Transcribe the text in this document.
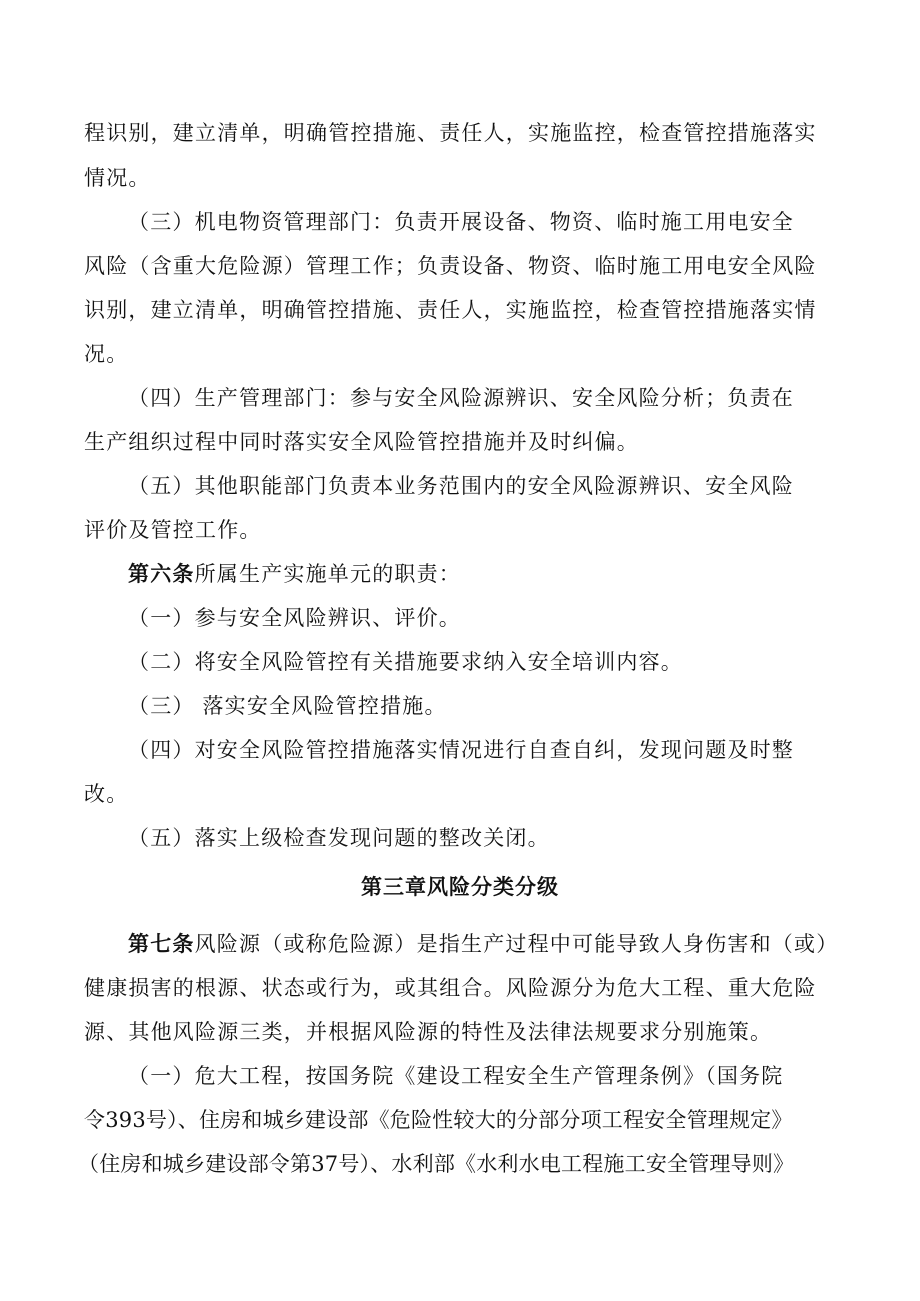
程识别，建立清单，明确管控措施、责任人，实施监控，检查管控措施落实
情况。
（三）机电物资管理部门：负责开展设备、物资、临时施工用电安全
风险（含重大危险源）管理工作；负责设备、物资、临时施工用电安全风险
识别，建立清单，明确管控措施、责任人，实施监控，检查管控措施落实情
况。
（四）生产管理部门：参与安全风险源辨识、安全风险分析；负责在
生产组织过程中同时落实安全风险管控措施并及时纠偏。
（五）其他职能部门负责本业务范围内的安全风险源辨识、安全风险
评价及管控工作。
第六条所属生产实施单元的职责：
（一）参与安全风险辨识、评价。
（二）将安全风险管控有关措施要求纳入安全培训内容。
（三） 落实安全风险管控措施。
（四）对安全风险管控措施落实情况进行自查自纠，发现问题及时整
改。
（五）落实上级检查发现问题的整改关闭。
第三章风险分类分级
第七条风险源（或称危险源）是指生产过程中可能导致人身伤害和（或）
健康损害的根源、状态或行为，或其组合。风险源分为危大工程、重大危险
源、其他风险源三类，并根据风险源的特性及法律法规要求分别施策。
（一）危大工程，按国务院《建设工程安全生产管理条例》（国务院
令393号）、住房和城乡建设部《危险性较大的分部分项工程安全管理规定》
（住房和城乡建设部令第37号）、水利部《水利水电工程施工安全管理导则》
